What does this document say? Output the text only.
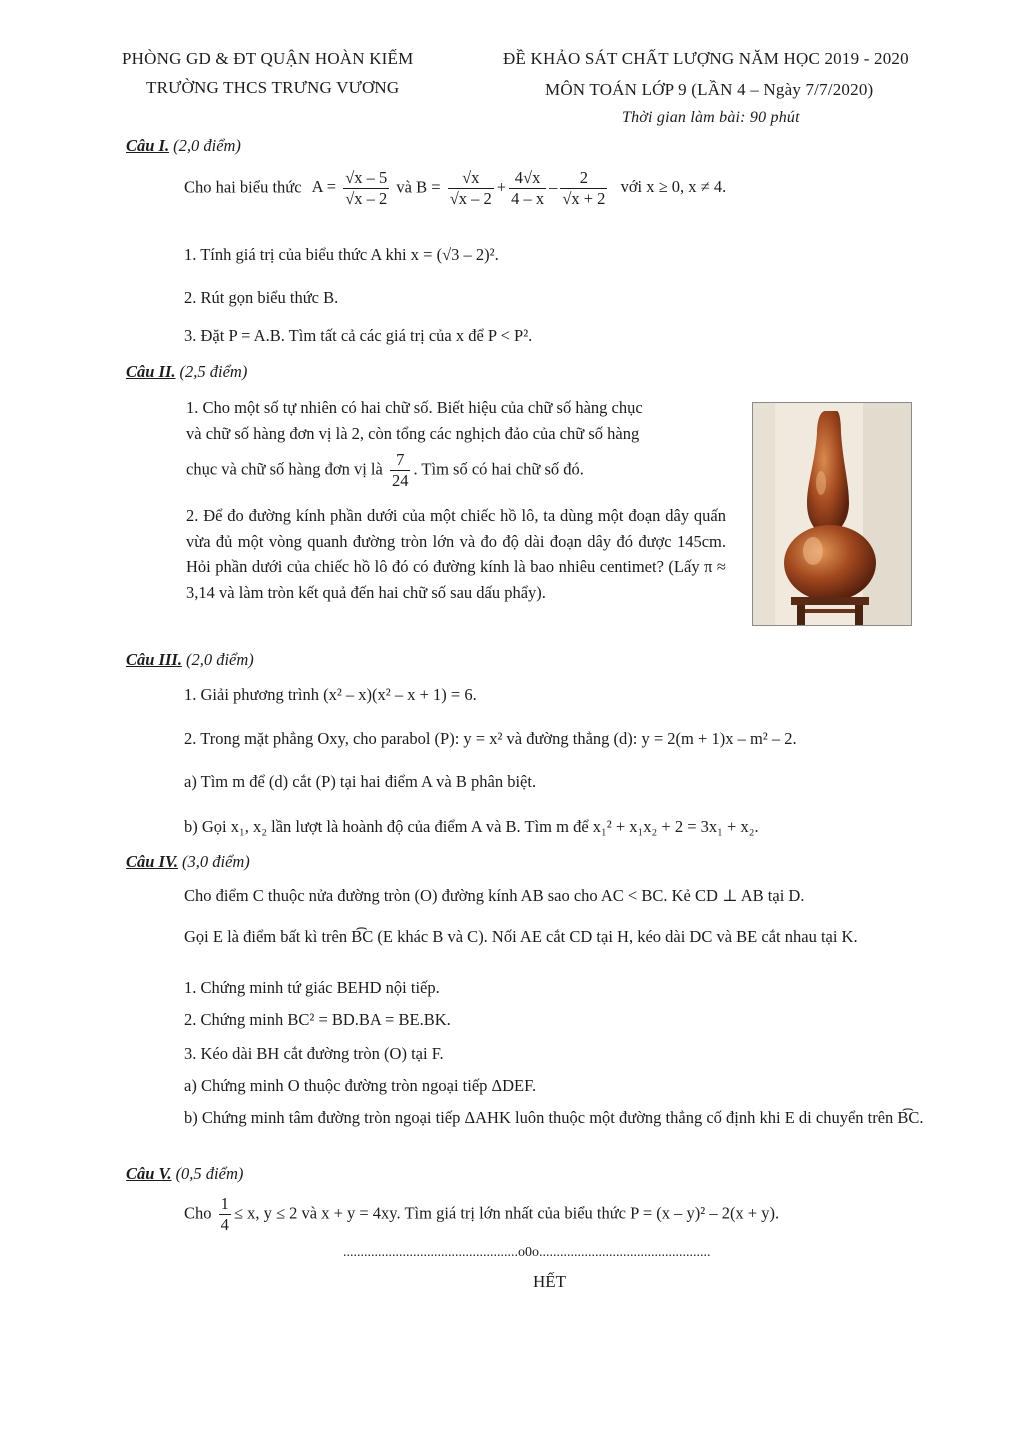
PHÒNG GD & ĐT QUẬN HOÀN KIẾM
TRƯỜNG THCS TRƯNG VƯƠNG
ĐỀ KHẢO SÁT CHẤT LƯỢNG NĂM HỌC 2019 - 2020
MÔN TOÁN LỚP 9 (LẦN 4 – Ngày 7/7/2020)
Thời gian làm bài: 90 phút
Câu I. (2,0 điểm)
Cho hai biểu thức $A = \frac{√x - 5}{√x - 2}$ và $B = \frac{√x}{√x - 2} + \frac{4√x}{4 - x} - \frac{2}{√x + 2}$ với x ≥ 0, x ≠ 4.
1. Tính giá trị của biểu thức A khi x = (√3 – 2)².
2. Rút gọn biểu thức B.
3. Đặt P = A.B. Tìm tất cả các giá trị của x để P < P².
Câu II. (2,5 điểm)
1. Cho một số tự nhiên có hai chữ số. Biết hiệu của chữ số hàng chục
và chữ số hàng đơn vị là 2, còn tổng các nghịch đảo của chữ số hàng
chục và chữ số hàng đơn vị là $\frac{7}{24}$ . Tìm số có hai chữ số đó.
2. Để đo đường kính phần dưới của một chiếc hồ lô, ta dùng một đoạn dây quấn vừa đủ một vòng quanh đường tròn lớn và đo độ dài đoạn dây đó được 145cm. Hỏi phần dưới của chiếc hồ lô đó có đường kính là bao nhiêu centimet? (Lấy π ≈ 3,14 và làm tròn kết quả đến hai chữ số sau dấu phẩy).
Câu III. (2,0 điểm)
1. Giải phương trình (x² – x)(x² – x + 1) = 6.
2. Trong mặt phẳng Oxy, cho parabol (P): y = x² và đường thẳng (d): y = 2(m + 1)x – m² – 2.
a) Tìm m để (d) cắt (P) tại hai điểm A và B phân biệt.
b) Gọi x₁, x₂ lần lượt là hoành độ của điểm A và B. Tìm m để x₁² + x₁x₂ + 2 = 3x₁ + x₂.
Câu IV. (3,0 điểm)
Cho điểm C thuộc nửa đường tròn (O) đường kính AB sao cho AC < BC. Kẻ CD ⊥ AB tại D.
Gọi E là điểm bất kì trên B͡C (E khác B và C). Nối AE cắt CD tại H, kéo dài DC và BE cắt nhau tại K.
1. Chứng minh tứ giác BEHD nội tiếp.
2. Chứng minh BC² = BD.BA = BE.BK.
3. Kéo dài BH cắt đường tròn (O) tại F.
a) Chứng minh O thuộc đường tròn ngoại tiếp ΔDEF.
b) Chứng minh tâm đường tròn ngoại tiếp ΔAHK luôn thuộc một đường thẳng cố định khi E di chuyển trên B͡C.
Câu V. (0,5 điểm)
Cho $\frac{1}{4} \le x$, y ≤ 2 và x + y = 4xy. Tìm giá trị lớn nhất của biểu thức P = (x – y)² – 2(x + y).
..................................................o0o.................................................
HẾT
